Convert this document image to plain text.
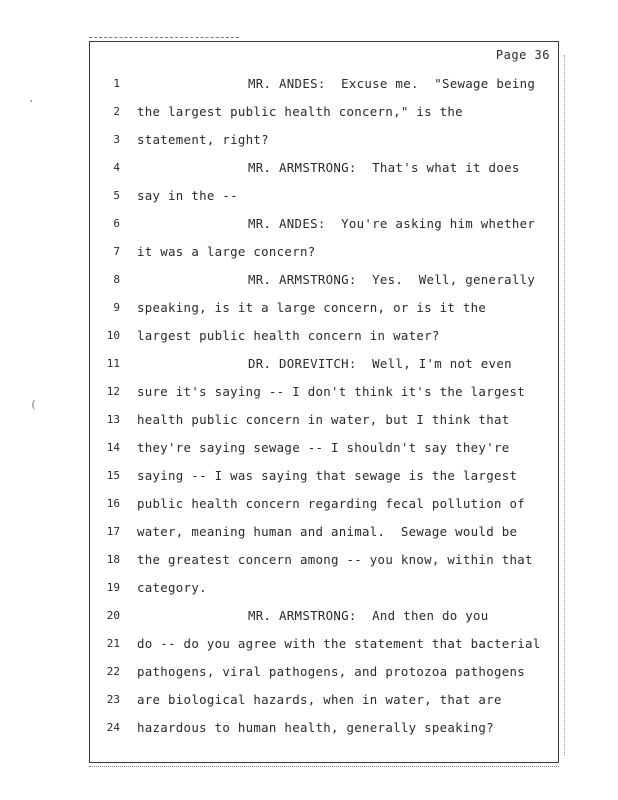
·
(
Page 36
1	MR. ANDES:  Excuse me.  "Sewage being
2 the largest public health concern," is the
3 statement, right?
4	MR. ARMSTRONG:  That's what it does
5 say in the --
6	MR. ANDES:  You're asking him whether
7 it was a large concern?
8	MR. ARMSTRONG:  Yes.  Well, generally
9 speaking, is it a large concern, or is it the
10 largest public health concern in water?
11	DR. DOREVITCH:  Well, I'm not even
12 sure it's saying -- I don't think it's the largest
13 health public concern in water, but I think that
14 they're saying sewage -- I shouldn't say they're
15 saying -- I was saying that sewage is the largest
16 public health concern regarding fecal pollution of
17 water, meaning human and animal.  Sewage would be
18 the greatest concern among -- you know, within that
19 category.
20	MR. ARMSTRONG:  And then do you
21 do -- do you agree with the statement that bacterial
22 pathogens, viral pathogens, and protozoa pathogens
23 are biological hazards, when in water, that are
24 hazardous to human health, generally speaking?
